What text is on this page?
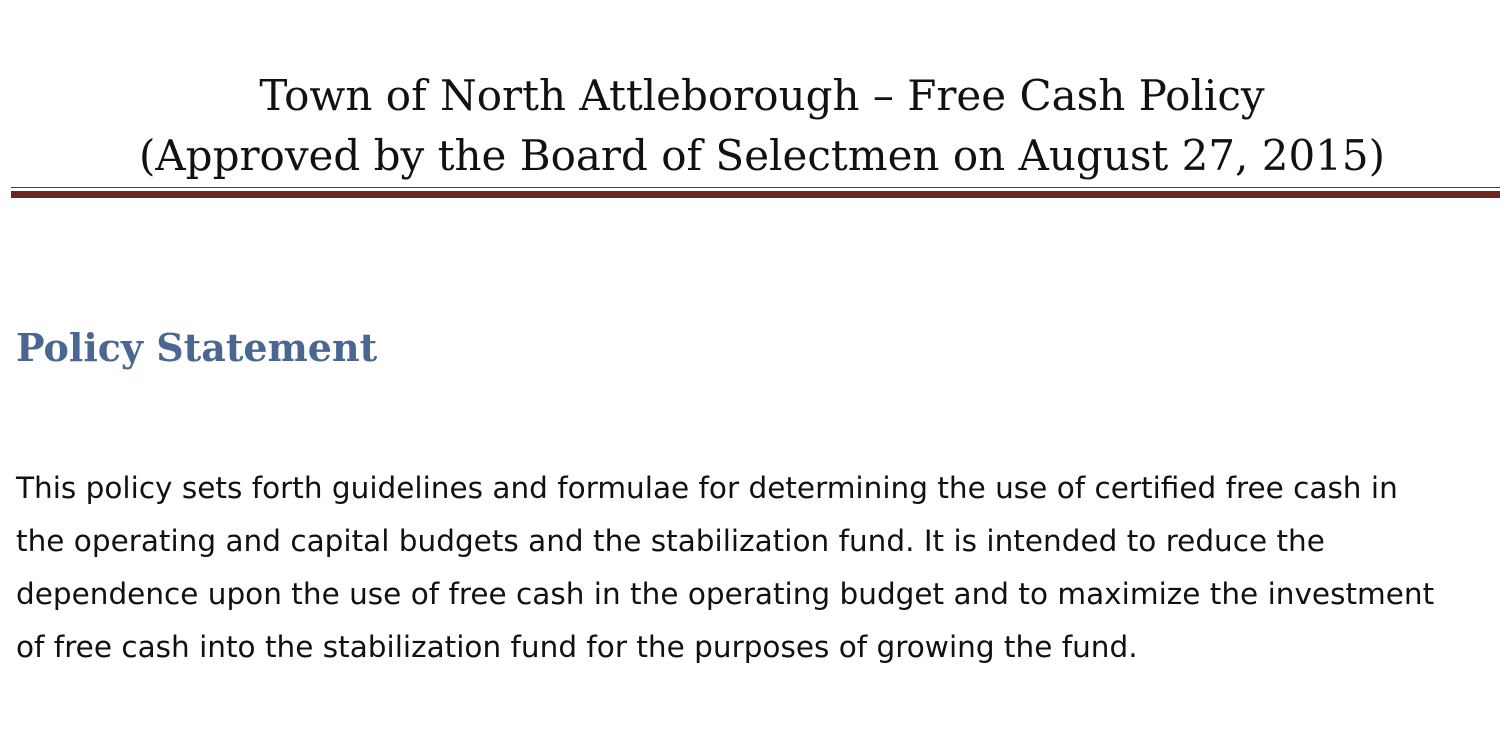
Town of North Attleborough – Free Cash Policy
(Approved by the Board of Selectmen on August 27, 2015)
Policy Statement
This policy sets forth guidelines and formulae for determining the use of certified free cash in
the operating and capital budgets and the stabilization fund. It is intended to reduce the
dependence upon the use of free cash in the operating budget and to maximize the investment
of free cash into the stabilization fund for the purposes of growing the fund.
